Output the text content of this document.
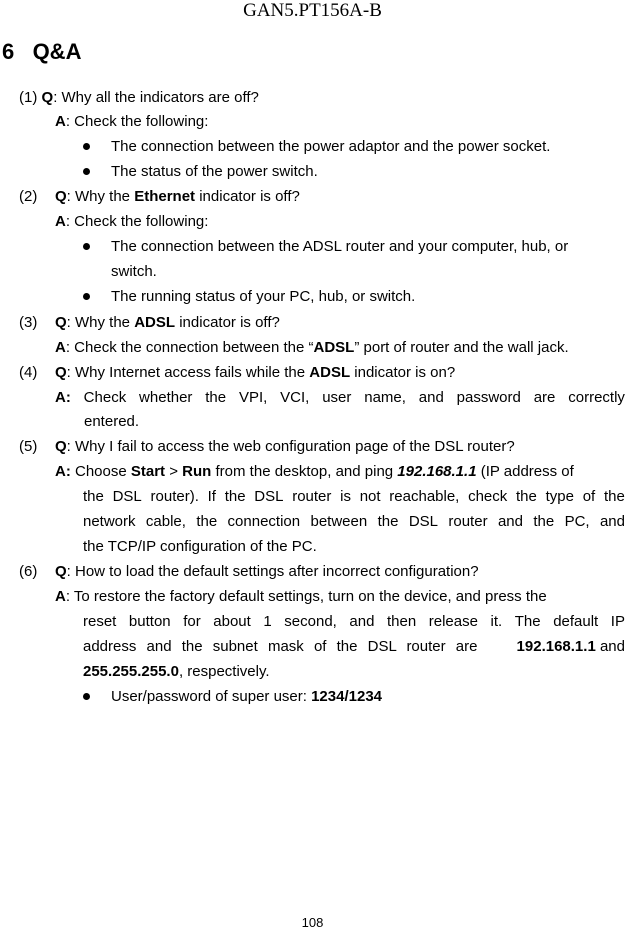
GAN5.PT156A-B
6   Q&A
(1) Q: Why all the indicators are off?
A: Check the following:
The connection between the power adaptor and the power socket.
The status of the power switch.
(2) Q: Why the Ethernet indicator is off?
A: Check the following:
The connection between the ADSL router and your computer, hub, or
switch.
The running status of your PC, hub, or switch.
(3) Q: Why the ADSL indicator is off?
A: Check the connection between the “ADSL” port of router and the wall jack.
(4) Q: Why Internet access fails while the ADSL indicator is on?
A: Check whether the VPI, VCI, user name, and password are correctly
entered.
(5) Q: Why I fail to access the web configuration page of the DSL router?
A: Choose Start > Run from the desktop, and ping 192.168.1.1 (IP address of
the DSL router). If the DSL router is not reachable, check the type of the
network cable, the connection between the DSL router and the PC, and
the TCP/IP configuration of the PC.
(6) Q: How to load the default settings after incorrect configuration?
A: To restore the factory default settings, turn on the device, and press the
reset button for about 1 second, and then release it. The default IP
address and the subnet mask of the DSL router are	192.168.1.1 and
255.255.255.0, respectively.
User/password of super user: 1234/1234
108
